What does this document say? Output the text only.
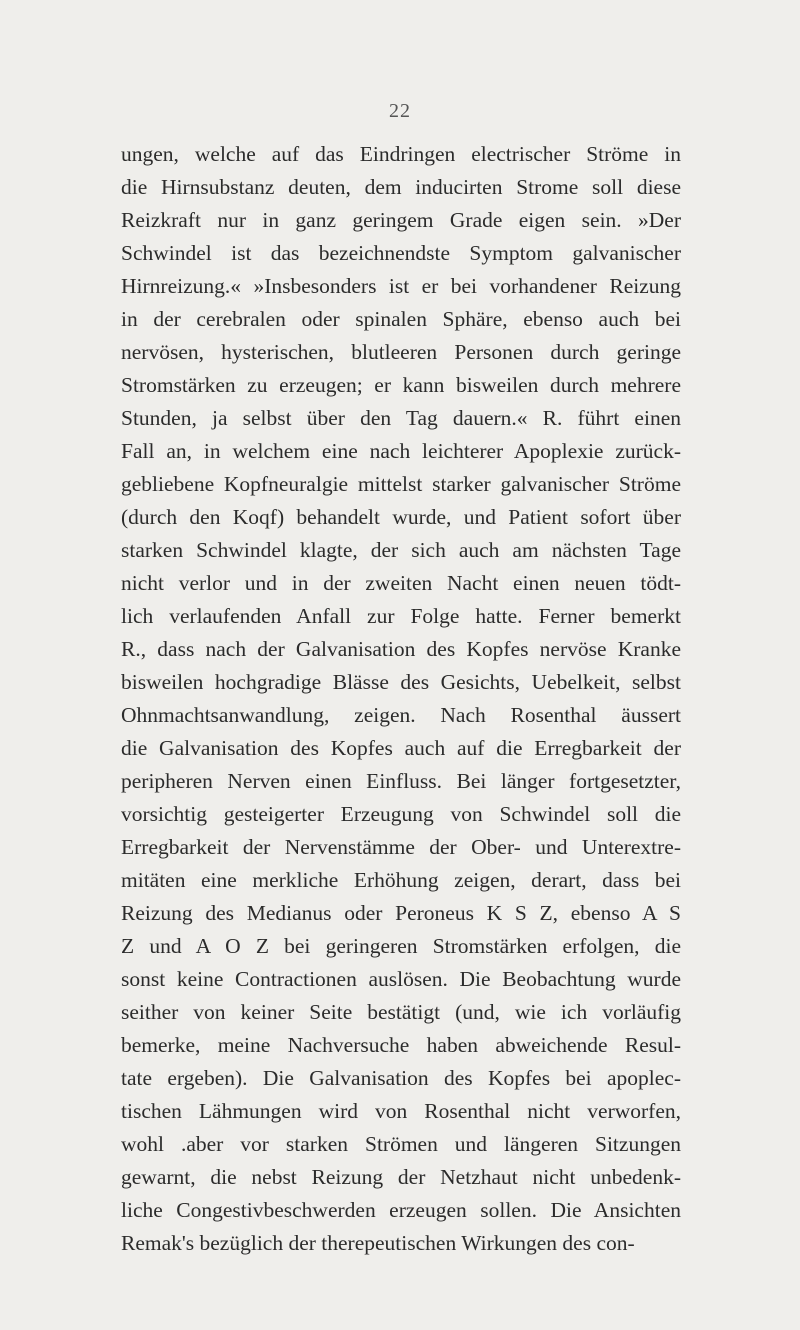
22
ungen, welche auf das Eindringen electrischer Ströme in
die Hirnsubstanz deuten, dem inducirten Strome soll diese
Reizkraft nur in ganz geringem Grade eigen sein. »Der
Schwindel ist das bezeichnendste Symptom galvanischer
Hirnreizung.« »Insbesonders ist er bei vorhandener Reizung
in der cerebralen oder spinalen Sphäre, ebenso auch bei
nervösen, hysterischen, blutleeren Personen durch geringe
Stromstärken zu erzeugen; er kann bisweilen durch mehrere
Stunden, ja selbst über den Tag dauern.« R. führt einen
Fall an, in welchem eine nach leichterer Apoplexie zurück-
gebliebene Kopfneuralgie mittelst starker galvanischer Ströme
(durch den Koqf) behandelt wurde, und Patient sofort über
starken Schwindel klagte, der sich auch am nächsten Tage
nicht verlor und in der zweiten Nacht einen neuen tödt-
lich verlaufenden Anfall zur Folge hatte. Ferner bemerkt
R., dass nach der Galvanisation des Kopfes nervöse Kranke
bisweilen hochgradige Blässe des Gesichts, Uebelkeit, selbst
Ohnmachtsanwandlung, zeigen. Nach Rosenthal äussert
die Galvanisation des Kopfes auch auf die Erregbarkeit der
peripheren Nerven einen Einfluss. Bei länger fortgesetzter,
vorsichtig gesteigerter Erzeugung von Schwindel soll die
Erregbarkeit der Nervenstämme der Ober- und Unterextre-
mitäten eine merkliche Erhöhung zeigen, derart, dass bei
Reizung des Medianus oder Peroneus K S Z, ebenso A S
Z und A O Z bei geringeren Stromstärken erfolgen, die
sonst keine Contractionen auslösen. Die Beobachtung wurde
seither von keiner Seite bestätigt (und, wie ich vorläufig
bemerke, meine Nachversuche haben abweichende Resul-
tate ergeben). Die Galvanisation des Kopfes bei apoplec-
tischen Lähmungen wird von Rosenthal nicht verworfen,
wohl .aber vor starken Strömen und längeren Sitzungen
gewarnt, die nebst Reizung der Netzhaut nicht unbedenk-
liche Congestivbeschwerden erzeugen sollen. Die Ansichten
Remak's bezüglich der therepeutischen Wirkungen des con-
